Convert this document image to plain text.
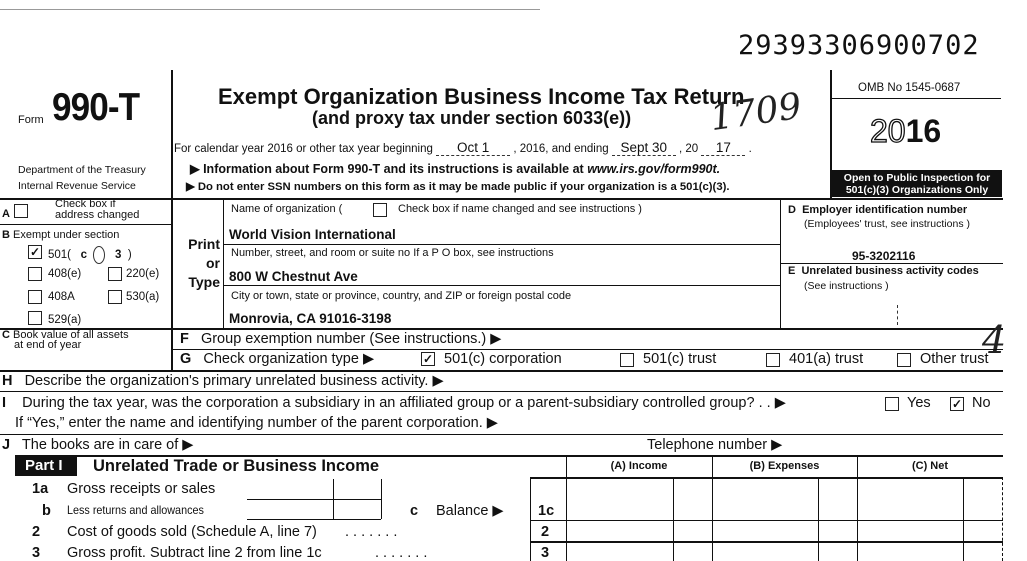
29393306900702
Form 990-T
Department of the Treasury
Internal Revenue Service
Exempt Organization Business Income Tax Return
(and proxy tax under section 6033(e)) 1709
For calendar year 2016 or other tax year beginning Oct 1 , 2016, and ending Sept 30 , 20 17 .
▶ Information about Form 990-T and its instructions is available at www.irs.gov/form990t.
▶ Do not enter SSN numbers on this form as it may be made public if your organization is a 501(c)(3).
OMB No 1545-0687
2016
Open to Public Inspection for
501(c)(3) Organizations Only
A
Check box if
address changed
B Exempt under section
✓ 501( c 3 )
408(e)	220(e)
408A	530(a)
529(a)
C Book value of all assets
at end of year
Print
or
Type
Name of organization (	Check box if name changed and see instructions )
World Vision International
Number, street, and room or suite no If a P O box, see instructions
800 W Chestnut Ave
City or town, state or province, country, and ZIP or foreign postal code
Monrovia, CA 91016-3198
D Employer identification number
(Employees' trust, see instructions )
95-3202116
E Unrelated business activity codes
(See instructions )
4
F Group exemption number (See instructions.) ▶
G Check organization type ▶	✓ 501(c) corporation	501(c) trust	401(a) trust	Other trust
H Describe the organization's primary unrelated business activity. ▶
I During the tax year, was the corporation a subsidiary in an affiliated group or a parent-subsidiary controlled group? . . ▶	Yes ✓ No
If “Yes,” enter the name and identifying number of the parent corporation. ▶
J The books are in care of ▶	Telephone number ▶
Part I	Unrelated Trade or Business Income	(A) Income	(B) Expenses	(C) Net
1a Gross receipts or sales
b Less returns and allowances	c Balance ▶ 1c
2 Cost of goods sold (Schedule A, line 7) . . . . . . .	2
3 Gross profit. Subtract line 2 from line 1c	. . . . . . .	3
